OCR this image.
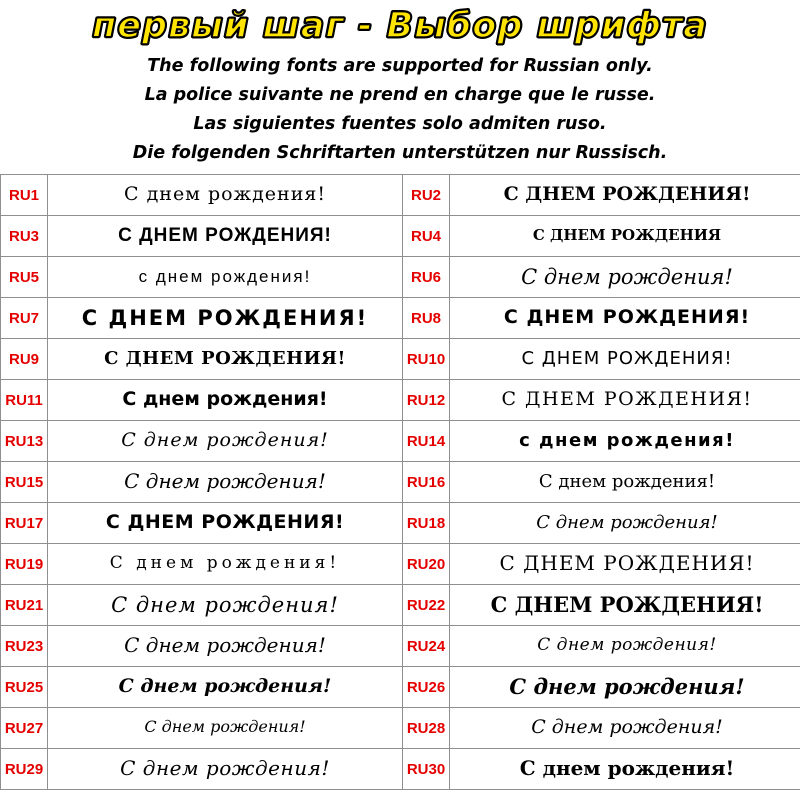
первый шаг - Выбор шрифта
The following fonts are supported for Russian only.
La police suivante ne prend en charge que le russe.
Las siguientes fuentes solo admiten ruso.
Die folgenden Schriftarten unterstützen nur Russisch.
RU1	С днем рождения!	RU2	С ДНЕМ РОЖДЕНИЯ!
RU3	С ДНЕМ РОЖДЕНИЯ!	RU4	С ДНЕМ РОЖДЕНИЯ
RU5	с днем рождения!	RU6	С днем рождения!
RU7	С ДНЕМ РОЖДЕНИЯ!	RU8	С ДНЕМ РОЖДЕНИЯ!
RU9	С ДНЕМ РОЖДЕНИЯ!	RU10	С ДНЕМ РОЖДЕНИЯ!
RU11	С днем рождения!	RU12	С ДНЕМ РОЖДЕНИЯ!
RU13	С днем рождения!	RU14	с днем рождения!
RU15	С днем рождения!	RU16	С днем рождения!
RU17	С ДНЕМ РОЖДЕНИЯ!	RU18	С днем рождения!
RU19	С днем рождения!	RU20	С ДНЕМ РОЖДЕНИЯ!
RU21	С днем рождения!	RU22	С ДНЕМ РОЖДЕНИЯ!
RU23	С днем рождения!	RU24	С днем рождения!
RU25	С днем рождения!	RU26	С днем рождения!
RU27	С днем рождения!	RU28	С днем рождения!
RU29	С днем рождения!	RU30	С днем рождения!
